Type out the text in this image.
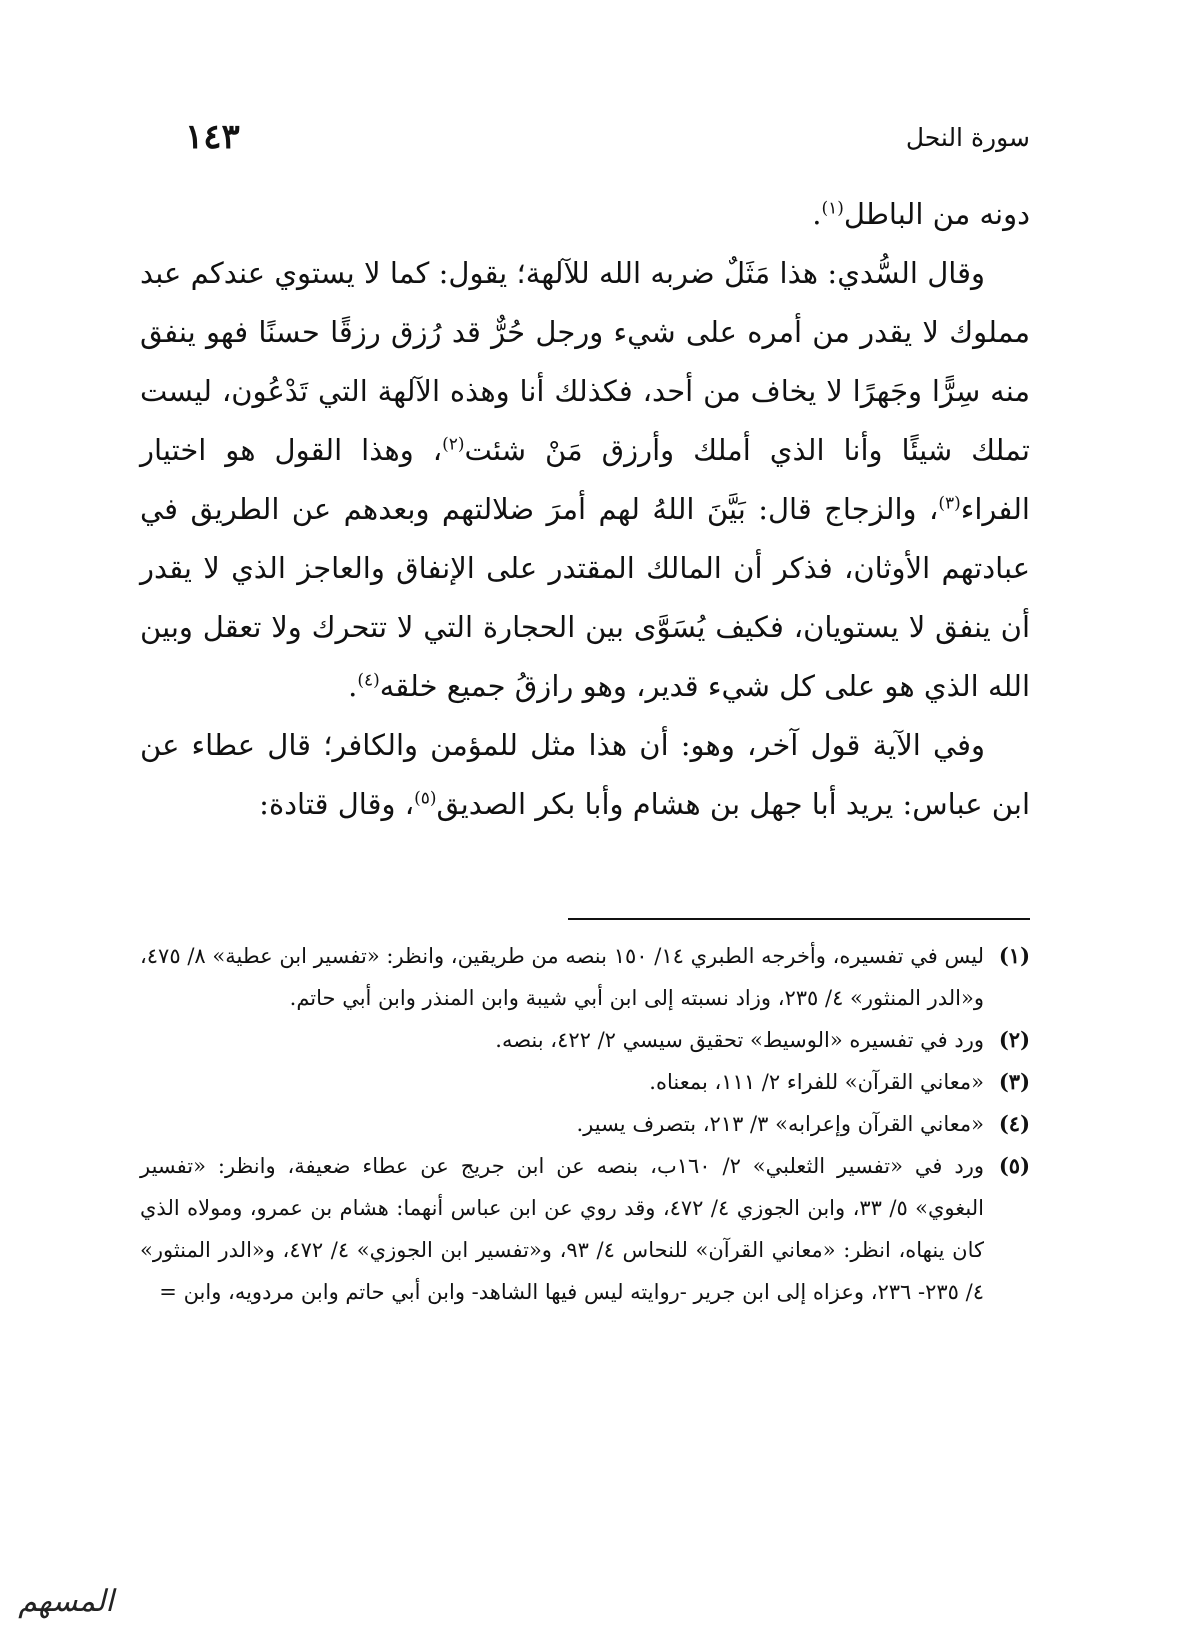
سورة النحل
١٤٣

دونه من الباطل$^{(١)}$.

وقال السُّدي: هذا مَثَلٌ ضربه الله للآلهة؛ يقول: كما لا يستوي عندكم عبد مملوك لا يقدر من أمره على شيء ورجل حُرٌّ قد رُزق رزقًا حسنًا فهو ينفق منه سِرًّا وجَهرًا لا يخاف من أحد، فكذلك أنا وهذه الآلهة التي تَدْعُون، ليست تملك شيئًا وأنا الذي أملك وأرزق مَنْ شئت$^{(٢)}$، وهذا القول هو اختيار الفراء$^{(٣)}$، والزجاج قال: بَيَّنَ اللهُ لهم أمرَ ضلالتهم وبعدهم عن الطريق في عبادتهم الأوثان، فذكر أن المالك المقتدر على الإنفاق والعاجز الذي لا يقدر أن ينفق لا يستويان، فكيف يُسَوَّى بين الحجارة التي لا تتحرك ولا تعقل وبين الله الذي هو على كل شيء قدير، وهو رازقُ جميع خلقه$^{(٤)}$.

وفي الآية قول آخر، وهو: أن هذا مثل للمؤمن والكافر؛ قال عطاء عن ابن عباس: يريد أبا جهل بن هشام وأبا بكر الصديق$^{(٥)}$، وقال قتادة:

(١)
ليس في تفسيره، وأخرجه الطبري ١٤/ ١٥٠ بنصه من طريقين، وانظر: «تفسير ابن عطية» ٨/ ٤٧٥، و«الدر المنثور» ٤/ ٢٣٥، وزاد نسبته إلى ابن أبي شيبة وابن المنذر وابن أبي حاتم.
(٢)
ورد في تفسيره «الوسيط» تحقيق سيسي ٢/ ٤٢٢، بنصه.
(٣)
«معاني القرآن» للفراء ٢/ ١١١، بمعناه.
(٤)
«معاني القرآن وإعرابه» ٣/ ٢١٣، بتصرف يسير.
(٥)
ورد في «تفسير الثعلبي» ٢/ ١٦٠ب، بنصه عن ابن جريج عن عطاء ضعيفة، وانظر: «تفسير البغوي» ٥/ ٣٣، وابن الجوزي ٤/ ٤٧٢، وقد روي عن ابن عباس أنهما: هشام بن عمرو، ومولاه الذي كان ينهاه، انظر: «معاني القرآن» للنحاس ٤/ ٩٣، و«تفسير ابن الجوزي» ٤/ ٤٧٢، و«الدر المنثور» ٤/ ٢٣٥- ٢٣٦، وعزاه إلى ابن جرير -روايته ليس فيها الشاهد- وابن أبي حاتم وابن مردويه، وابن =
المسهم
